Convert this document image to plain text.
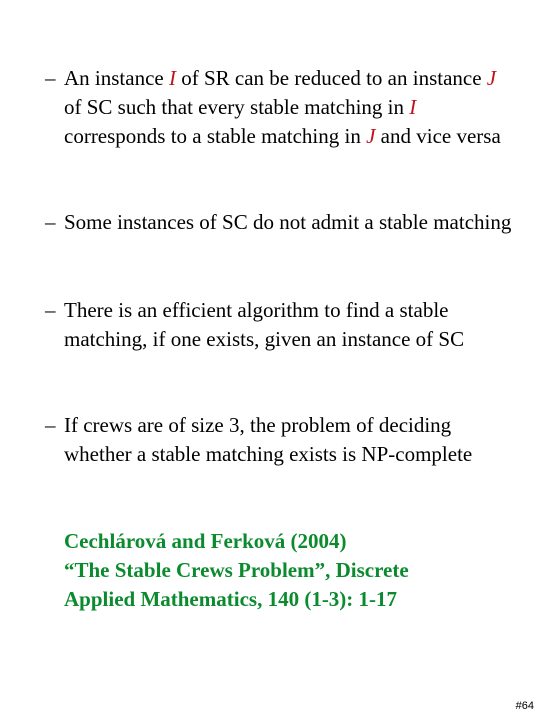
– An instance I of SR can be reduced to an instance J of SC such that every stable matching in I corresponds to a stable matching in J and vice versa
– Some instances of SC do not admit a stable matching
– There is an efficient algorithm to find a stable matching, if one exists, given an instance of SC
– If crews are of size 3, the problem of deciding whether a stable matching exists is NP-complete
Cechlárová and Ferková (2004)
“The Stable Crews Problem”, Discrete
Applied Mathematics, 140 (1-3): 1-17
#64
